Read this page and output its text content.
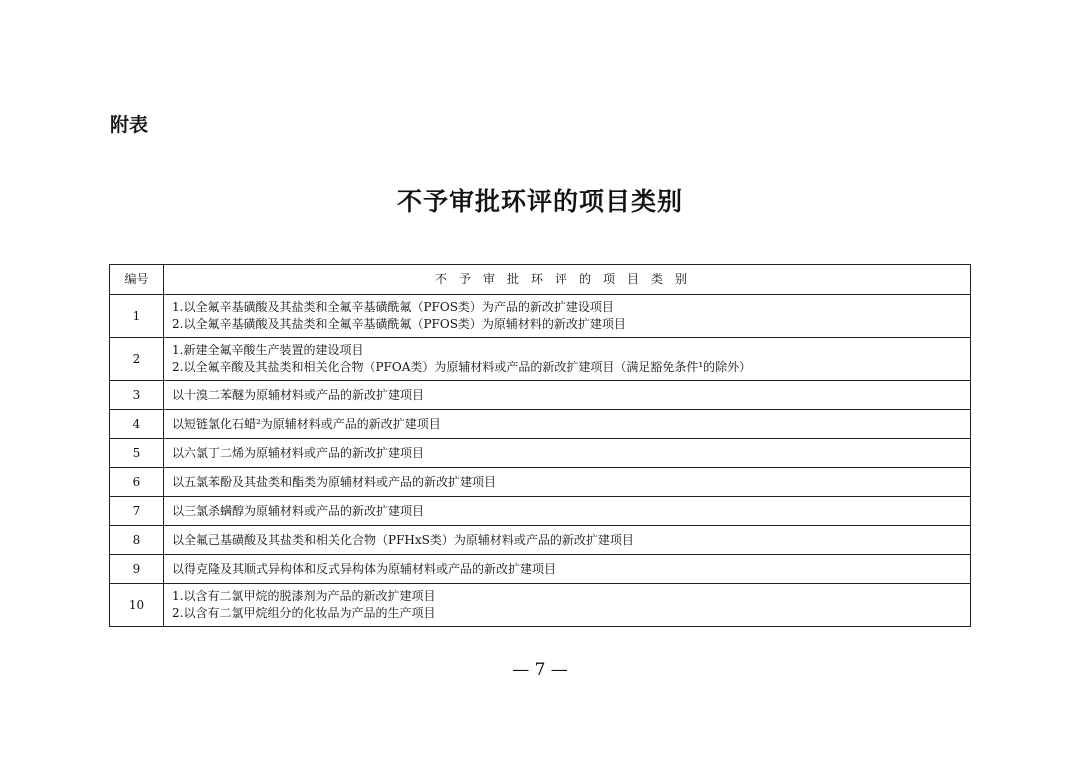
附表
不予审批环评的项目类别
编号	不予审批环评的项目类别
1	1.以全氟辛基磺酸及其盐类和全氟辛基磺酰氟（PFOS类）为产品的新改扩建设项目
2.以全氟辛基磺酸及其盐类和全氟辛基磺酰氟（PFOS类）为原辅材料的新改扩建项目

2	1.新建全氟辛酸生产装置的建设项目
2.以全氟辛酸及其盐类和相关化合物（PFOA类）为原辅材料或产品的新改扩建项目（满足豁免条件¹的除外）

3	以十溴二苯醚为原辅材料或产品的新改扩建项目
4	以短链氯化石蜡²为原辅材料或产品的新改扩建项目
5	以六氯丁二烯为原辅材料或产品的新改扩建项目
6	以五氯苯酚及其盐类和酯类为原辅材料或产品的新改扩建项目
7	以三氯杀螨醇为原辅材料或产品的新改扩建项目
8	以全氟己基磺酸及其盐类和相关化合物（PFHxS类）为原辅材料或产品的新改扩建项目
9	以得克隆及其顺式异构体和反式异构体为原辅材料或产品的新改扩建项目
10	1.以含有二氯甲烷的脱漆剂为产品的新改扩建项目
2.以含有二氯甲烷组分的化妆品为产品的生产项目
— 7 —
